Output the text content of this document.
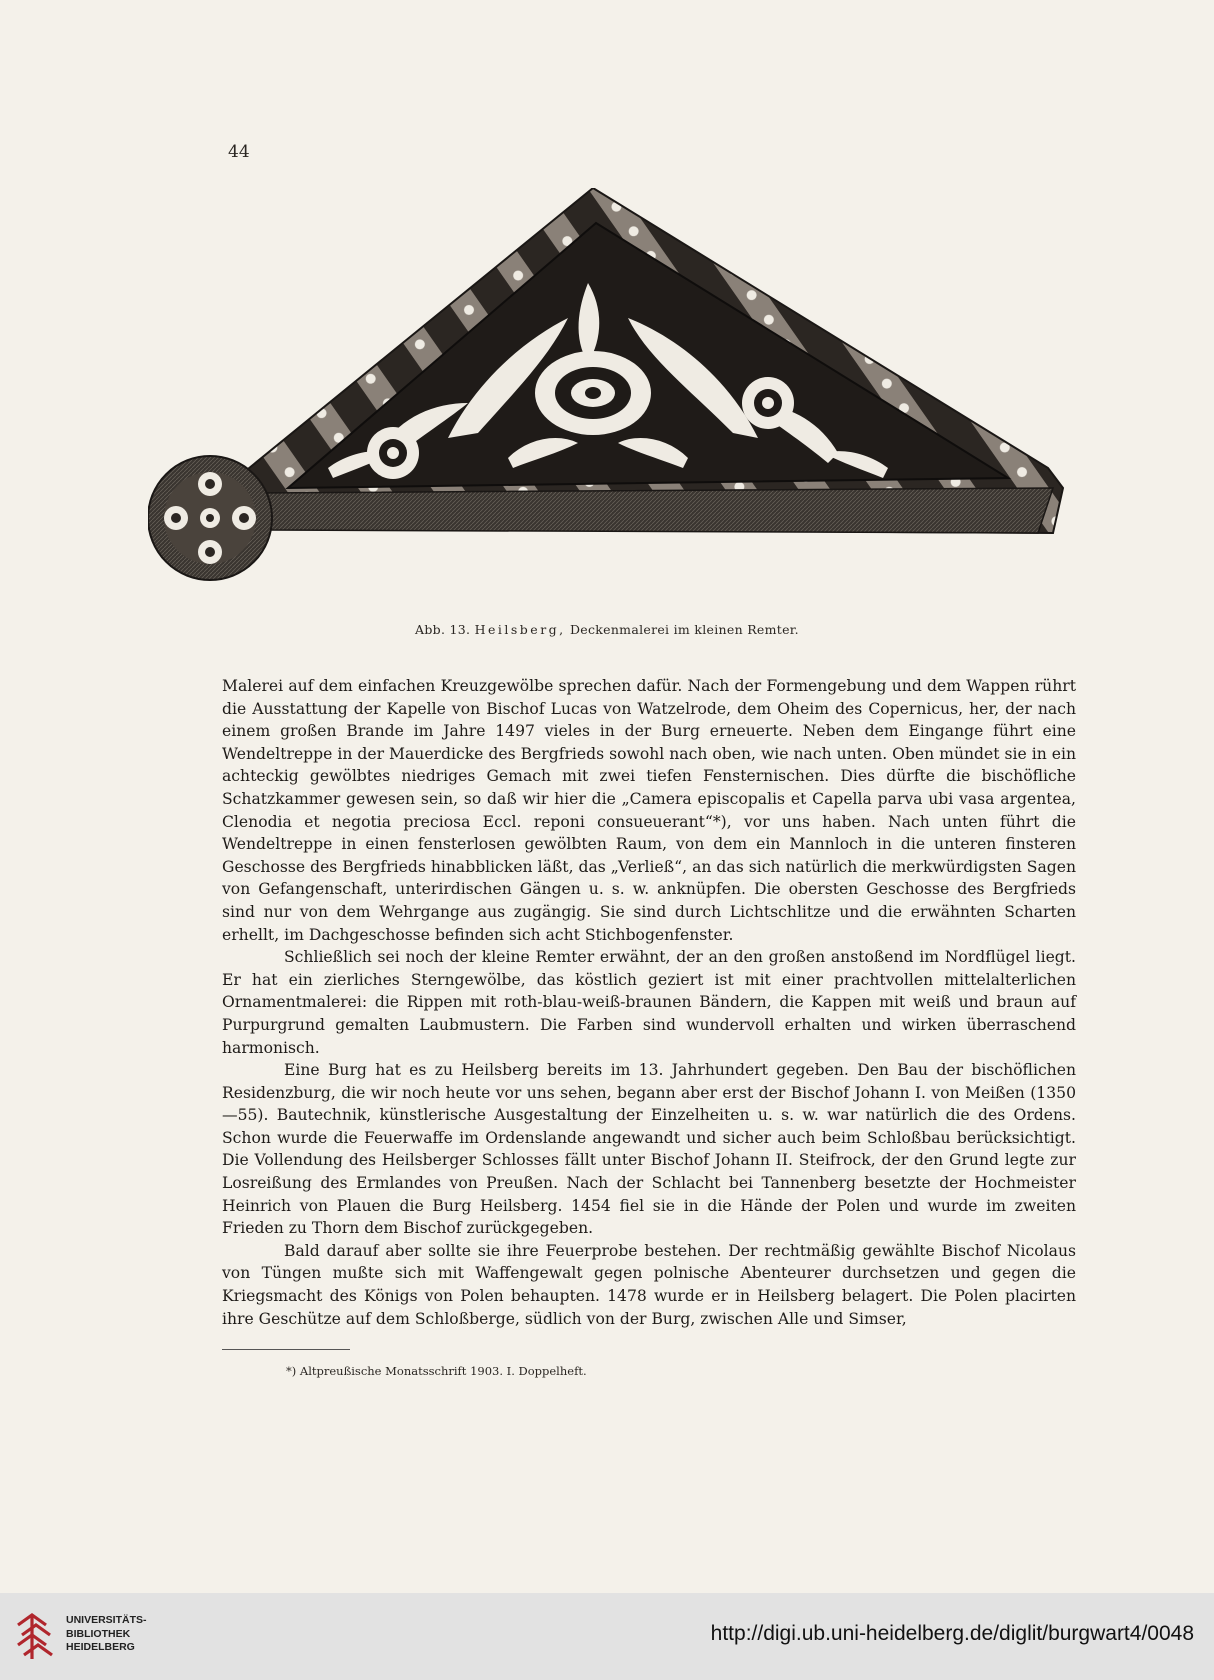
44
Abb. 13. Heilsberg, Deckenmalerei im kleinen Remter.

Malerei auf dem einfachen Kreuzgewölbe sprechen dafür. Nach der Formengebung und dem Wappen rührt die Ausstattung der Kapelle von Bischof Lucas von Watzelrode, dem Oheim des Copernicus, her, der nach einem großen Brande im Jahre 1497 vieles in der Burg erneuerte. Neben dem Eingange führt eine Wendeltreppe in der Mauerdicke des Bergfrieds sowohl nach oben, wie nach unten. Oben mündet sie in ein achteckig gewölbtes niedriges Gemach mit zwei tiefen Fensternischen. Dies dürfte die bischöfliche Schatzkammer gewesen sein, so daß wir hier die „Camera episcopalis et Capella parva ubi vasa argentea, Clenodia et negotia preciosa Eccl. reponi consueuerant“*), vor uns haben. Nach unten führt die Wendeltreppe in einen fensterlosen gewölbten Raum, von dem ein Mannloch in die unteren finsteren Geschosse des Bergfrieds hinabblicken läßt, das „Verließ“, an das sich natürlich die merkwürdigsten Sagen von Gefangenschaft, unterirdischen Gängen u. s. w. anknüpfen. Die obersten Geschosse des Bergfrieds sind nur von dem Wehrgange aus zugängig. Sie sind durch Lichtschlitze und die erwähnten Scharten erhellt, im Dachgeschosse befinden sich acht Stichbogenfenster.

Schließlich sei noch der kleine Remter erwähnt, der an den großen anstoßend im Nordflügel liegt. Er hat ein zierliches Sterngewölbe, das köstlich geziert ist mit einer prachtvollen mittelalterlichen Ornamentmalerei: die Rippen mit roth-blau-weiß-braunen Bändern, die Kappen mit weiß und braun auf Purpurgrund gemalten Laubmustern. Die Farben sind wundervoll erhalten und wirken überraschend harmonisch.

Eine Burg hat es zu Heilsberg bereits im 13. Jahrhundert gegeben. Den Bau der bischöflichen Residenzburg, die wir noch heute vor uns sehen, begann aber erst der Bischof Johann I. von Meißen (1350—55). Bautechnik, künstlerische Ausgestaltung der Einzelheiten u. s. w. war natürlich die des Ordens. Schon wurde die Feuerwaffe im Ordenslande angewandt und sicher auch beim Schloßbau berücksichtigt. Die Vollendung des Heilsberger Schlosses fällt unter Bischof Johann II. Steifrock, der den Grund legte zur Losreißung des Ermlandes von Preußen. Nach der Schlacht bei Tannenberg besetzte der Hochmeister Heinrich von Plauen die Burg Heilsberg. 1454 fiel sie in die Hände der Polen und wurde im zweiten Frieden zu Thorn dem Bischof zurückgegeben.

Bald darauf aber sollte sie ihre Feuerprobe bestehen. Der rechtmäßig gewählte Bischof Nicolaus von Tüngen mußte sich mit Waffengewalt gegen polnische Abenteurer durchsetzen und gegen die Kriegsmacht des Königs von Polen behaupten. 1478 wurde er in Heilsberg belagert. Die Polen placirten ihre Geschütze auf dem Schloßberge, südlich von der Burg, zwischen Alle und Simser,

*) Altpreußische Monatsschrift 1903. I. Doppelheft.
UNIVERSITÄTS-
BIBLIOTHEK
HEIDELBERG
http://digi.ub.uni-heidelberg.de/diglit/burgwart4/0048
